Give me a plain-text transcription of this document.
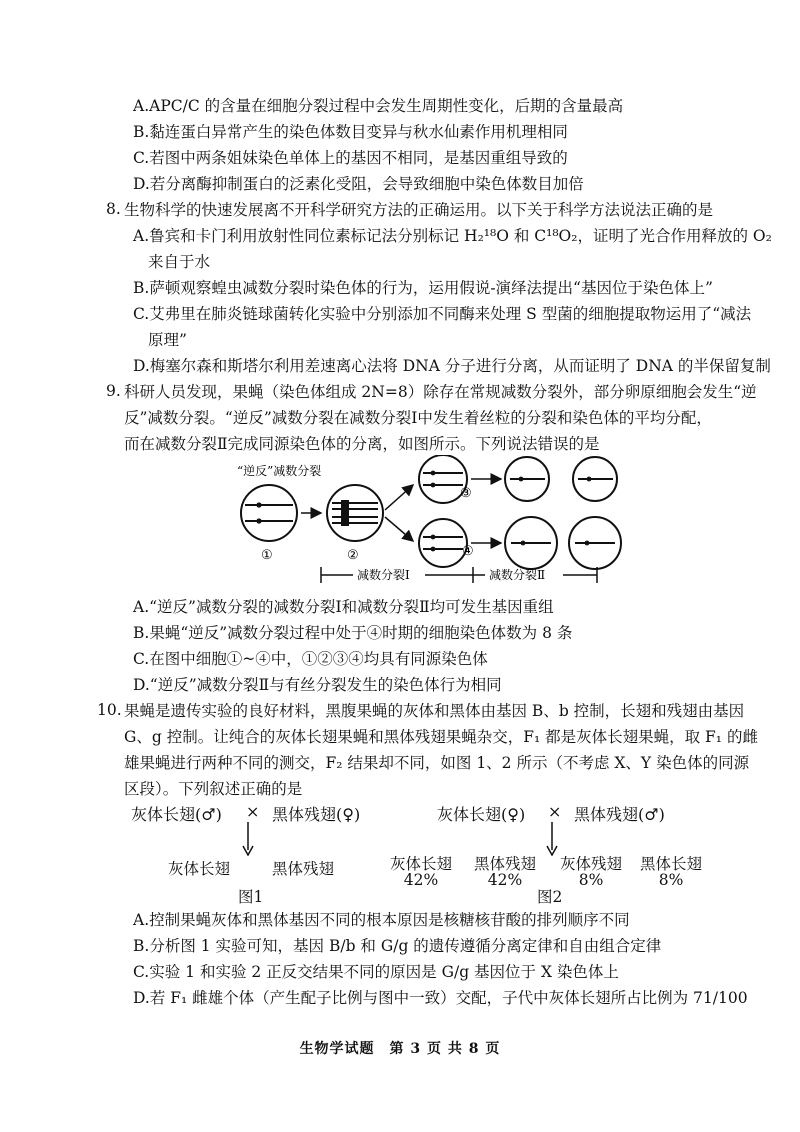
A.APC/C 的含量在细胞分裂过程中会发生周期性变化，后期的含量最高
B.黏连蛋白异常产生的染色体数目变异与秋水仙素作用机理相同
C.若图中两条姐妹染色单体上的基因不相同，是基因重组导致的
D.若分离酶抑制蛋白的泛素化受阻，会导致细胞中染色体数目加倍
8. 生物科学的快速发展离不开科学研究方法的正确运用。以下关于科学方法说法正确的是
A.鲁宾和卡门利用放射性同位素标记法分别标记 H₂¹⁸O 和 C¹⁸O₂，证明了光合作用释放的 O₂
来自于水
B.萨顿观察蝗虫减数分裂时染色体的行为，运用假说-演绎法提出“基因位于染色体上”
C.艾弗里在肺炎链球菌转化实验中分别添加不同酶来处理 S 型菌的细胞提取物运用了“减法
原理”
D.梅塞尔森和斯塔尔利用差速离心法将 DNA 分子进行分离，从而证明了 DNA 的半保留复制
9. 科研人员发现，果蝇（染色体组成 2N=8）除存在常规减数分裂外，部分卵原细胞会发生“逆
反”减数分裂。“逆反”减数分裂在减数分裂Ⅰ中发生着丝粒的分裂和染色体的平均分配，
而在减数分裂Ⅱ完成同源染色体的分离，如图所示。下列说法错误的是
“逆反”减数分裂
①	②
③
④
减数分裂Ⅰ	减数分裂Ⅱ
A.“逆反”减数分裂的减数分裂Ⅰ和减数分裂Ⅱ均可发生基因重组
B.果蝇“逆反”减数分裂过程中处于④时期的细胞染色体数为 8 条
C.在图中细胞①~④中，①②③④均具有同源染色体
D.“逆反”减数分裂Ⅱ与有丝分裂发生的染色体行为相同
10. 果蝇是遗传实验的良好材料，黑腹果蝇的灰体和黑体由基因 B、b 控制，长翅和残翅由基因
G、g 控制。让纯合的灰体长翅果蝇和黑体残翅果蝇杂交，F₁ 都是灰体长翅果蝇，取 F₁ 的雌
雄果蝇进行两种不同的测交，F₂ 结果却不同，如图 1、2 所示（不考虑 X、Y 染色体的同源
区段）。下列叙述正确的是
灰体长翅(♂) × 黑体残翅(♀)
灰体长翅	黑体残翅
图1
灰体长翅(♀) × 黑体残翅(♂)
灰体长翅
42%
黑体残翅
42%
灰体残翅
8%
黑体长翅
8%
图2
A.控制果蝇灰体和黑体基因不同的根本原因是核糖核苷酸的排列顺序不同
B.分析图 1 实验可知，基因 B/b 和 G/g 的遗传遵循分离定律和自由组合定律
C.实验 1 和实验 2 正反交结果不同的原因是 G/g 基因位于 X 染色体上
D.若 F₁ 雌雄个体（产生配子比例与图中一致）交配，子代中灰体长翅所占比例为 71/100
生物学试题　第 3 页 共 8 页
